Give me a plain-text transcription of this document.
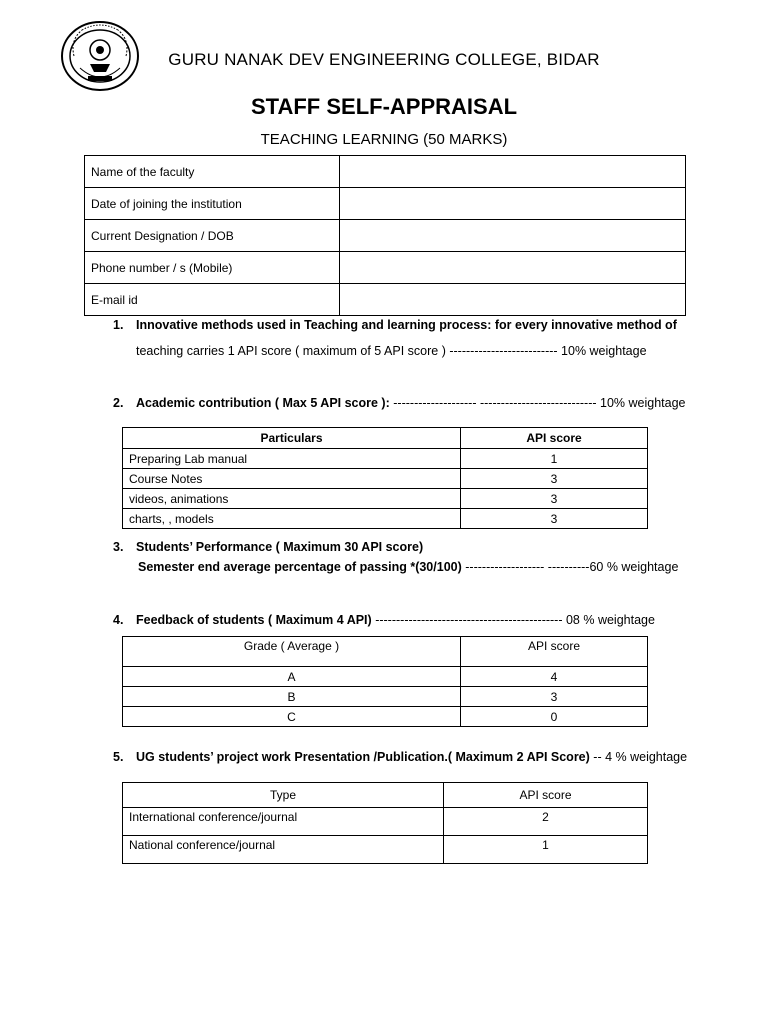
GURU NANAK DEV ENGINEERING COLLEGE, BIDAR
STAFF SELF-APPRAISAL
TEACHING LEARNING (50 MARKS)
Name of the faculty	
Date of joining the institution	
Current Designation / DOB	
Phone number / s (Mobile)	
E-mail id	
1. Innovative methods used in Teaching and learning process: for every innovative method of
teaching carries 1 API score ( maximum of 5 API score ) -------------------------- 10% weightage
2. Academic contribution ( Max 5 API score ): -------------------- ---------------------------- 10% weightage
Particulars	API score
Preparing Lab manual	1
Course Notes	3
videos, animations	3
charts, , models	3
3. Students’ Performance ( Maximum 30 API score)
Semester end average percentage of passing *(30/100) ------------------- ----------60 % weightage
4. Feedback of students ( Maximum 4 API) --------------------------------------------- 08 % weightage
Grade ( Average )	API score
A	4
B	3
C	0
5. UG students’ project work Presentation /Publication.( Maximum 2 API Score) -- 4 % weightage
Type	API score
International conference/journal	2
National conference/journal	1
